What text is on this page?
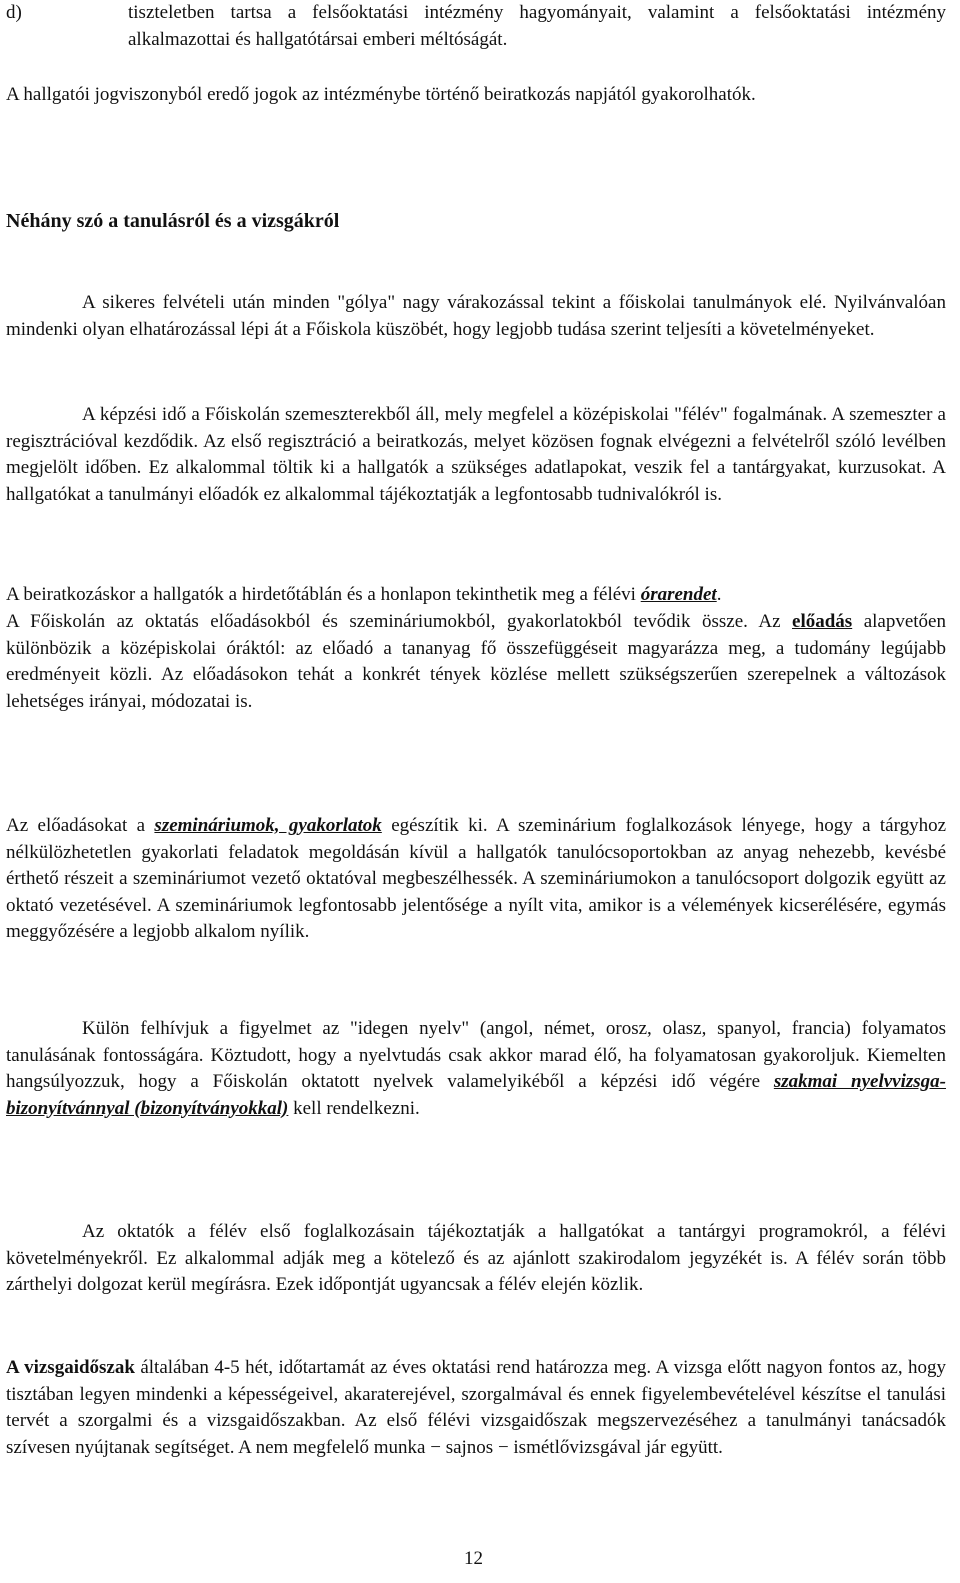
d)	tiszteletben tartsa a felsőoktatási intézmény hagyományait, valamint a felsőoktatási intézmény alkalmazottai és hallgatótársai emberi méltóságát.

A hallgatói jogviszonyból eredő jogok az intézménybe történő beiratkozás napjától gyakorolhatók.

Néhány szó a tanulásról és a vizsgákról

A sikeres felvételi után minden "gólya" nagy várakozással tekint a főiskolai tanulmányok elé. Nyilvánvalóan mindenki olyan elhatározással lépi át a Főiskola küszöbét, hogy legjobb tudása szerint teljesíti a követelményeket.

A képzési idő a Főiskolán szemeszterekből áll, mely megfelel a középiskolai "félév" fogalmának. A szemeszter a regisztrációval kezdődik. Az első regisztráció a beiratkozás, melyet közösen fognak elvégezni a felvételről szóló levélben megjelölt időben. Ez alkalommal töltik ki a hallgatók a szükséges adatlapokat, veszik fel a tantárgyakat, kurzusokat. A hallgatókat a tanulmányi előadók ez alkalommal tájékoztatják a legfontosabb tudnivalókról is.

A beiratkozáskor a hallgatók a hirdetőtáblán és a honlapon tekinthetik meg a félévi órarendet.

A Főiskolán az oktatás előadásokból és szemináriumokból, gyakorlatokból tevődik össze. Az előadás alapvetően különbözik a középiskolai óráktól: az előadó a tananyag fő összefüggéseit magyarázza meg, a tudomány legújabb eredményeit közli. Az előadásokon tehát a konkrét tények közlése mellett szükségszerűen szerepelnek a változások lehetséges irányai, módozatai is.

Az előadásokat a szemináriumok, gyakorlatok egészítik ki. A szeminárium foglalkozások lényege, hogy a tárgyhoz nélkülözhetetlen gyakorlati feladatok megoldásán kívül a hallgatók tanulócsoportokban az anyag nehezebb, kevésbé érthető részeit a szemináriumot vezető oktatóval megbeszélhessék. A szemináriumokon a tanulócsoport dolgozik együtt az oktató vezetésével. A szemináriumok legfontosabb jelentősége a nyílt vita, amikor is a vélemények kicserélésére, egymás meggyőzésére a legjobb alkalom nyílik.

Külön felhívjuk a figyelmet az "idegen nyelv" (angol, német, orosz, olasz, spanyol, francia) folyamatos tanulásának fontosságára. Köztudott, hogy a nyelvtudás csak akkor marad élő, ha folyamatosan gyakoroljuk. Kiemelten hangsúlyozzuk, hogy a Főiskolán oktatott nyelvek valamelyikéből a képzési idő végére szakmai nyelvvizsga-bizonyítvánnyal (bizonyítványokkal) kell rendelkezni.

Az oktatók a félév első foglalkozásain tájékoztatják a hallgatókat a tantárgyi programokról, a félévi követelményekről. Ez alkalommal adják meg a kötelező és az ajánlott szakirodalom jegyzékét is. A félév során több zárthelyi dolgozat kerül megírásra. Ezek időpontját ugyancsak a félév elején közlik.

A vizsgaidőszak általában 4-5 hét, időtartamát az éves oktatási rend határozza meg. A vizsga előtt nagyon fontos az, hogy tisztában legyen mindenki a képességeivel, akaraterejével, szorgalmával és ennek figyelembevételével készítse el tanulási tervét a szorgalmi és a vizsgaidőszakban. Az első félévi vizsgaidőszak megszervezéséhez a tanulmányi tanácsadók szívesen nyújtanak segítséget. A nem megfelelő munka − sajnos − ismétlővizsgával jár együtt.

12
